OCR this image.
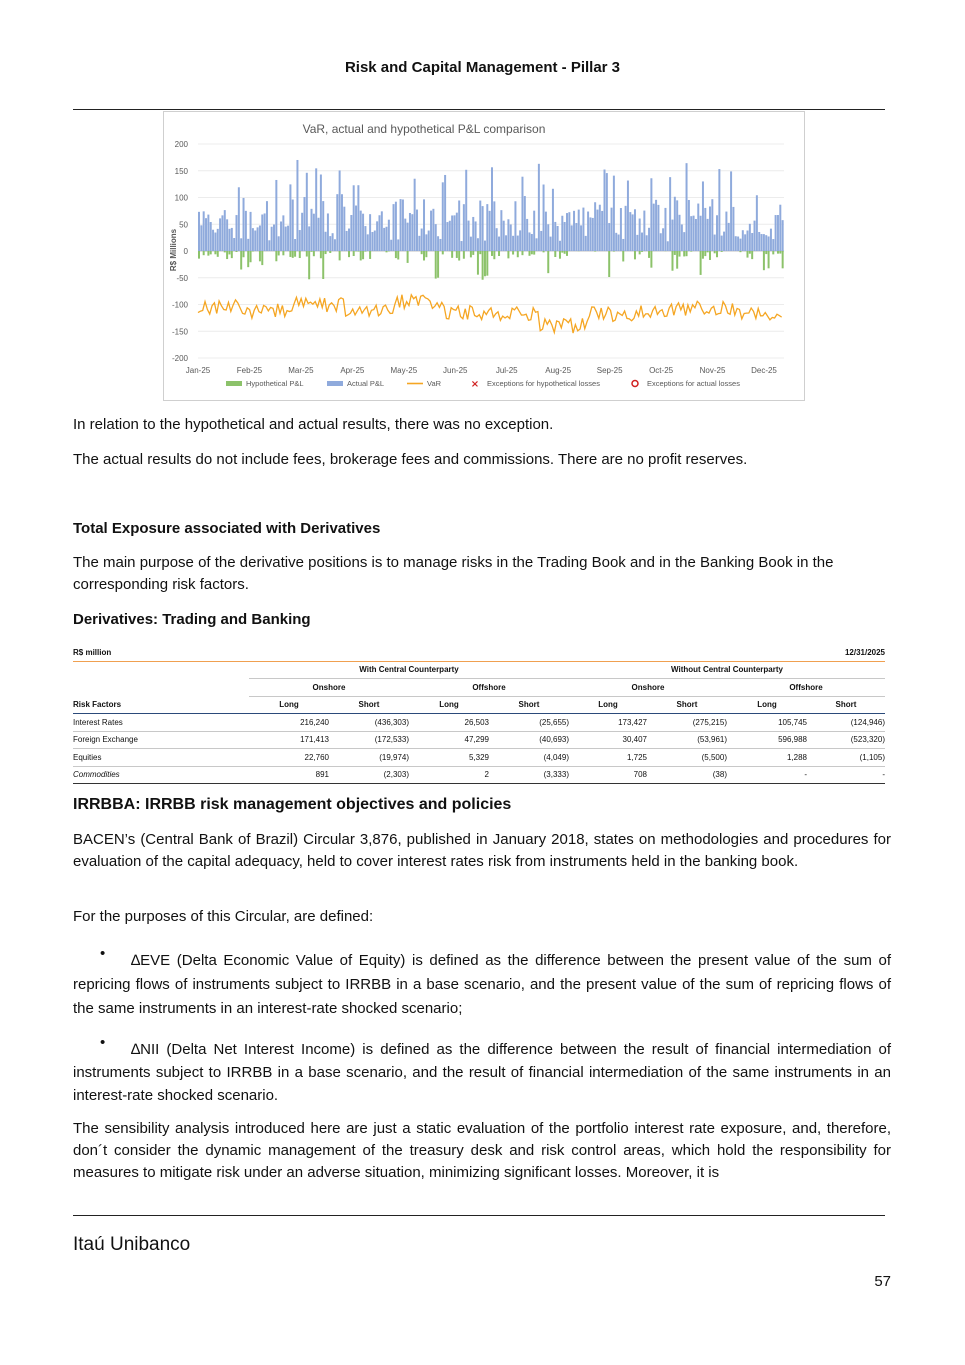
Risk and Capital Management - Pillar 3
VaR, actual and hypothetical P&L comparison
R$ Millions
200
150
100
50
0
-50
-100
-150
-200
Jan-25	Feb-25	Mar-25	Apr-25	May-25	Jun-25	Jul-25	Aug-25	Sep-25	Oct-25	Nov-25	Dec-25
Hypothetical P&L	Actual P&L	VaR	× Exceptions for hypothetical losses	Exceptions for actual losses

In relation to the hypothetical and actual results, there was no exception.

The actual results do not include fees, brokerage fees and commissions. There are no profit reserves.

Total Exposure associated with Derivatives

The main purpose of the derivative positions is to manage risks in the Trading Book and in the Banking Book in the corresponding risk factors.

Derivatives: Trading and Banking
R$ million	12/31/2025							
	With Central Counterparty				Without Central Counterparty			
	Onshore		Offshore		Onshore		Offshore	
Risk Factors	Long	Short	Long	Short	Long	Short	Long	Short
Interest Rates	216,240	(436,303)	26,503	(25,655)	173,427	(275,215)	105,745	(124,946)
Foreign Exchange	171,413	(172,533)	47,299	(40,693)	30,407	(53,961)	596,988	(523,320)
Equities	22,760	(19,974)	5,329	(4,049)	1,725	(5,500)	1,288	(1,105)
Commodities	891	(2,303)	2	(3,333)	708	(38)	-	-
IRRBBA: IRRBB risk management objectives and policies

BACEN’s (Central Bank of Brazil) Circular 3,876, published in January 2018, states on methodologies and procedures for evaluation of the capital adequacy, held to cover interest rates risk from instruments held in the banking book.

For the purposes of this Circular, are defined:

•	∆EVE (Delta Economic Value of Equity) is defined as the difference between the present value of the sum of repricing flows of instruments subject to IRRBB in a base scenario, and the present value of the sum of repricing flows of the same instruments in an interest-rate shocked scenario;

•	∆NII (Delta Net Interest Income) is defined as the difference between the result of financial intermediation of instruments subject to IRRBB in a base scenario, and the result of financial intermediation of the same instruments in an interest-rate shocked scenario.

The sensibility analysis introduced here are just a static evaluation of the portfolio interest rate exposure, and, therefore, don´t consider the dynamic management of the treasury desk and risk control areas, which hold the responsibility for measures to mitigate risk under an adverse situation, minimizing significant losses. Moreover, it is

Itaú Unibanco
57
